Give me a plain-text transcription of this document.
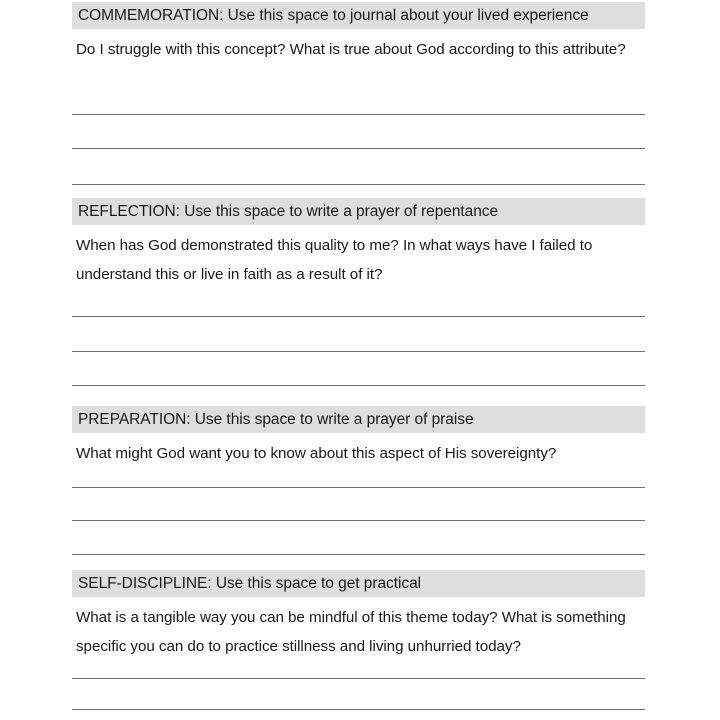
COMMEMORATION: Use this space to journal about your lived experience
Do I struggle with this concept? What is true about God according to this attribute?
REFLECTION: Use this space to write a prayer of repentance
When has God demonstrated this quality to me? In what ways have I failed to understand this or live in faith as a result of it?
PREPARATION: Use this space to write a prayer of praise
What might God want you to know about this aspect of His sovereignty?
SELF-DISCIPLINE: Use this space to get practical
What is a tangible way you can be mindful of this theme today? What is something specific you can do to practice stillness and living unhurried today?
